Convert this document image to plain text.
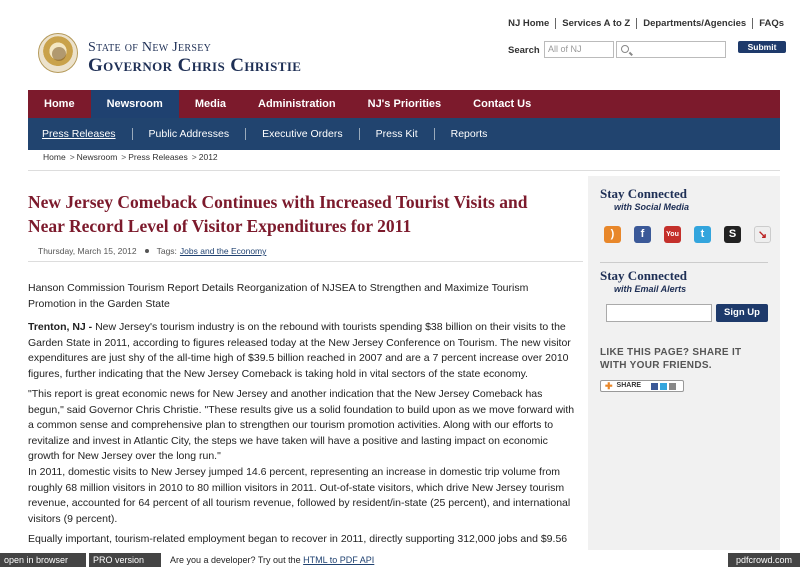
State of New Jersey
Governor Chris Christie
NJ Home	Services A to Z	Departments/Agencies	FAQs
Search All of NJ	Submit
Home	Newsroom	Media	Administration	NJ's Priorities	Contact Us
Press Releases	Public Addresses	Executive Orders	Press Kit	Reports
Home > Newsroom > Press Releases > 2012
New Jersey Comeback Continues with Increased Tourist Visits and Near Record Level of Visitor Expenditures for 2011
Thursday, March 15, 2012 Tags: Jobs and the Economy

Hanson Commission Tourism Report Details Reorganization of NJSEA to Strengthen and Maximize Tourism Promotion in the Garden State

Trenton, NJ - New Jersey's tourism industry is on the rebound with tourists spending $38 billion on their visits to the Garden State in 2011, according to figures released today at the New Jersey Conference on Tourism. The new visitor expenditures are just shy of the all-time high of $39.5 billion reached in 2007 and are a 7 percent increase over 2010 figures, further indicating that the New Jersey Comeback is taking hold in vital sectors of the state economy.

"This report is great economic news for New Jersey and another indication that the New Jersey Comeback has begun," said Governor Chris Christie. "These results give us a solid foundation to build upon as we move forward with a common sense and comprehensive plan to strengthen our tourism promotion activities. Along with our efforts to revitalize and invest in Atlantic City, the steps we have taken will have a positive and lasting impact on economic growth for New Jersey over the long run."

In 2011, domestic visits to New Jersey jumped 14.6 percent, representing an increase in domestic trip volume from roughly 68 million visitors in 2010 to 80 million visitors in 2011. Out-of-state visitors, which drive New Jersey tourism revenue, accounted for 64 percent of all tourism revenue, followed by resident/in-state (25 percent), and international visitors (9 percent).

Equally important, tourism-related employment began to recover in 2011, directly supporting 312,000 jobs and $9.56

Stay Connected
with Social Media
)	f	You	t	S	↘
Stay Connected
with Email Alerts
Sign Up
LIKE THIS PAGE? SHARE IT WITH YOUR FRIENDS.
✚ SHARE
open in browser	PRO version	Are you a developer? Try out the HTML to PDF API	pdfcrowd.com
